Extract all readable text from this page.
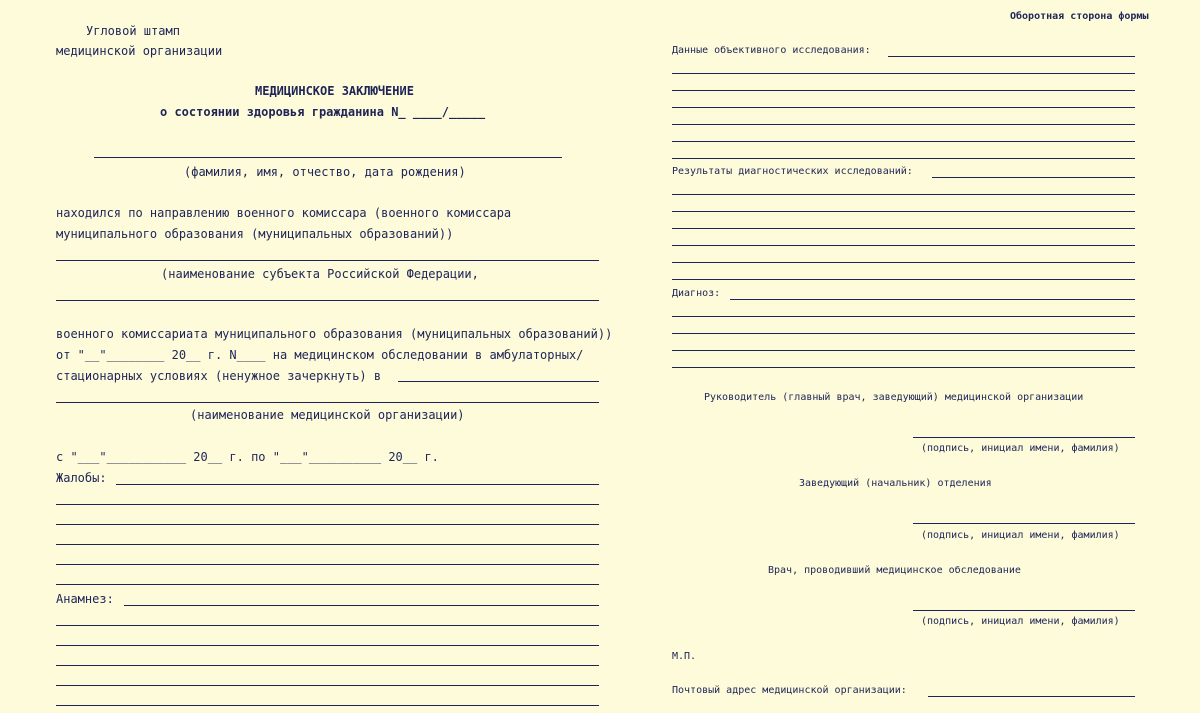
Угловой штамп
медицинской организации
МЕДИЦИНСКОЕ ЗАКЛЮЧЕНИЕ
о состоянии здоровья гражданина N_ ____/_____
(фамилия, имя, отчество, дата рождения)
находился по направлению военного комиссара (военного комиссара
муниципального образования (муниципальных образований))
(наименование субъекта Российской Федерации,
военного комиссариата муниципального образования (муниципальных образований))
от "__"________ 20__ г. N____ на медицинском обследовании в амбулаторных/
стационарных условиях (ненужное зачеркнуть) в
(наименование медицинской организации)
с "___"___________ 20__ г. по "___"__________ 20__ г.
Жалобы:
Анамнез:
Оборотная сторона формы
Данные объективного исследования:
Результаты диагностических исследований:
Диагноз:
Руководитель (главный врач, заведующий) медицинской организации
(подпись, инициал имени, фамилия)
Заведующий (начальник) отделения
(подпись, инициал имени, фамилия)
Врач, проводивший медицинское обследование
(подпись, инициал имени, фамилия)
М.П.
Почтовый адрес медицинской организации:
